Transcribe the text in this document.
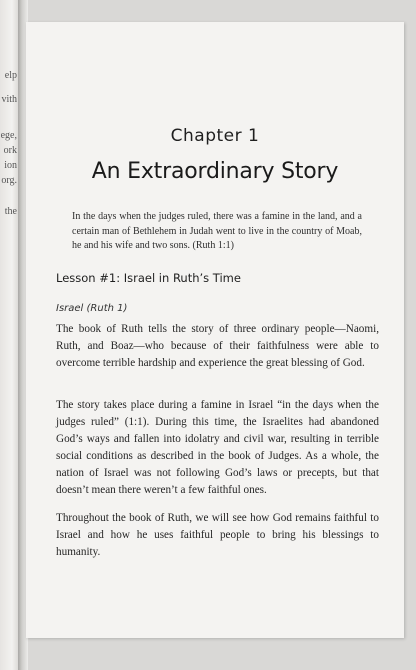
elp
vith
ege,
ork
ion
org.
the
Chapter 1
An Extraordinary Story
In the days when the judges ruled, there was a famine in the land, and a certain man of Bethlehem in Judah went to live in the country of Moab, he and his wife and two sons. (Ruth 1:1)
Lesson #1: Israel in Ruth’s Time
Israel (Ruth 1)
The book of Ruth tells the story of three ordinary people—Naomi, Ruth, and Boaz—who because of their faithfulness were able to overcome terrible hardship and experience the great blessing of God.
The story takes place during a famine in Israel “in the days when the judges ruled” (1:1). During this time, the Israelites had abandoned God’s ways and fallen into idolatry and civil war, resulting in terrible social conditions as described in the book of Judges. As a whole, the nation of Israel was not following God’s laws or precepts, but that doesn’t mean there weren’t a few faithful ones.
Throughout the book of Ruth, we will see how God remains faithful to Israel and how he uses faithful people to bring his blessings to humanity.
